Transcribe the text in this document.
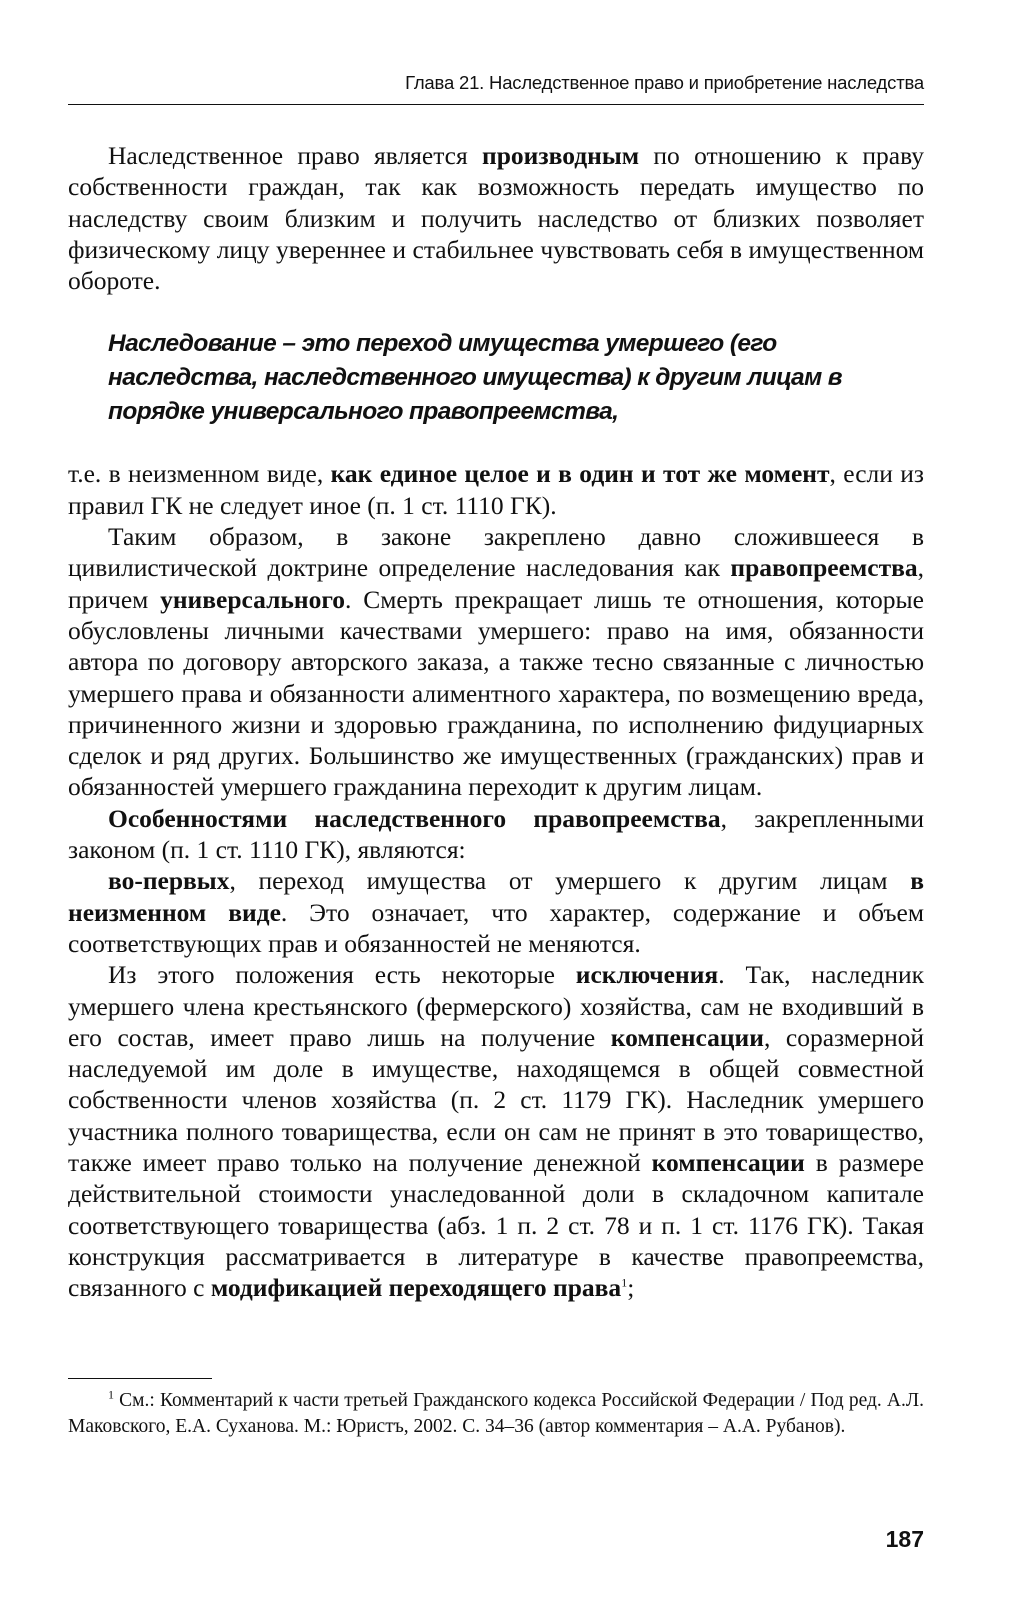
Глава 21. Наследственное право и приобретение наследства

Наследственное право является производным по отношению к праву собственности граждан, так как возможность передать имущество по наследству своим близким и получить наследство от близких позволяет физическому лицу увереннее и стабильнее чувствовать себя в имущественном обороте.

Наследование – это переход имущества умершего (его наследства, наследственного имущества) к другим лицам в порядке универсального правопреемства,

т.е. в неизменном виде, как единое целое и в один и тот же момент, если из правил ГК не следует иное (п. 1 ст. 1110 ГК).

Таким образом, в законе закреплено давно сложившееся в цивилистической доктрине определение наследования как правопреемства, причем универсального. Смерть прекращает лишь те отношения, которые обусловлены личными качествами умершего: право на имя, обязанности автора по договору авторского заказа, а также тесно связанные с личностью умершего права и обязанности алиментного характера, по возмещению вреда, причиненного жизни и здоровью гражданина, по исполнению фидуциарных сделок и ряд других. Большинство же имущественных (гражданских) прав и обязанностей умершего гражданина переходит к другим лицам.

Особенностями наследственного правопреемства, закрепленными законом (п. 1 ст. 1110 ГК), являются:

во-первых, переход имущества от умершего к другим лицам в неизменном виде. Это означает, что характер, содержание и объем соответствующих прав и обязанностей не меняются.

Из этого положения есть некоторые исключения. Так, наследник умершего члена крестьянского (фермерского) хозяйства, сам не входивший в его состав, имеет право лишь на получение компенсации, соразмерной наследуемой им доле в имуществе, находящемся в общей совместной собственности членов хозяйства (п. 2 ст. 1179 ГК). Наследник умершего участника полного товарищества, если он сам не принят в это товарищество, также имеет право только на получение денежной компенсации в размере действительной стоимости унаследованной доли в складочном капитале соответствующего товарищества (абз. 1 п. 2 ст. 78 и п. 1 ст. 1176 ГК). Такая конструкция рассматривается в литературе в качестве правопреемства, связанного с модификацией переходящего права$^1$;

$^1$ См.: Комментарий к части третьей Гражданского кодекса Российской Федерации / Под ред. А.Л. Маковского, Е.А. Суханова. М.: Юристъ, 2002. С. 34–36 (автор комментария – А.А. Рубанов).
187
